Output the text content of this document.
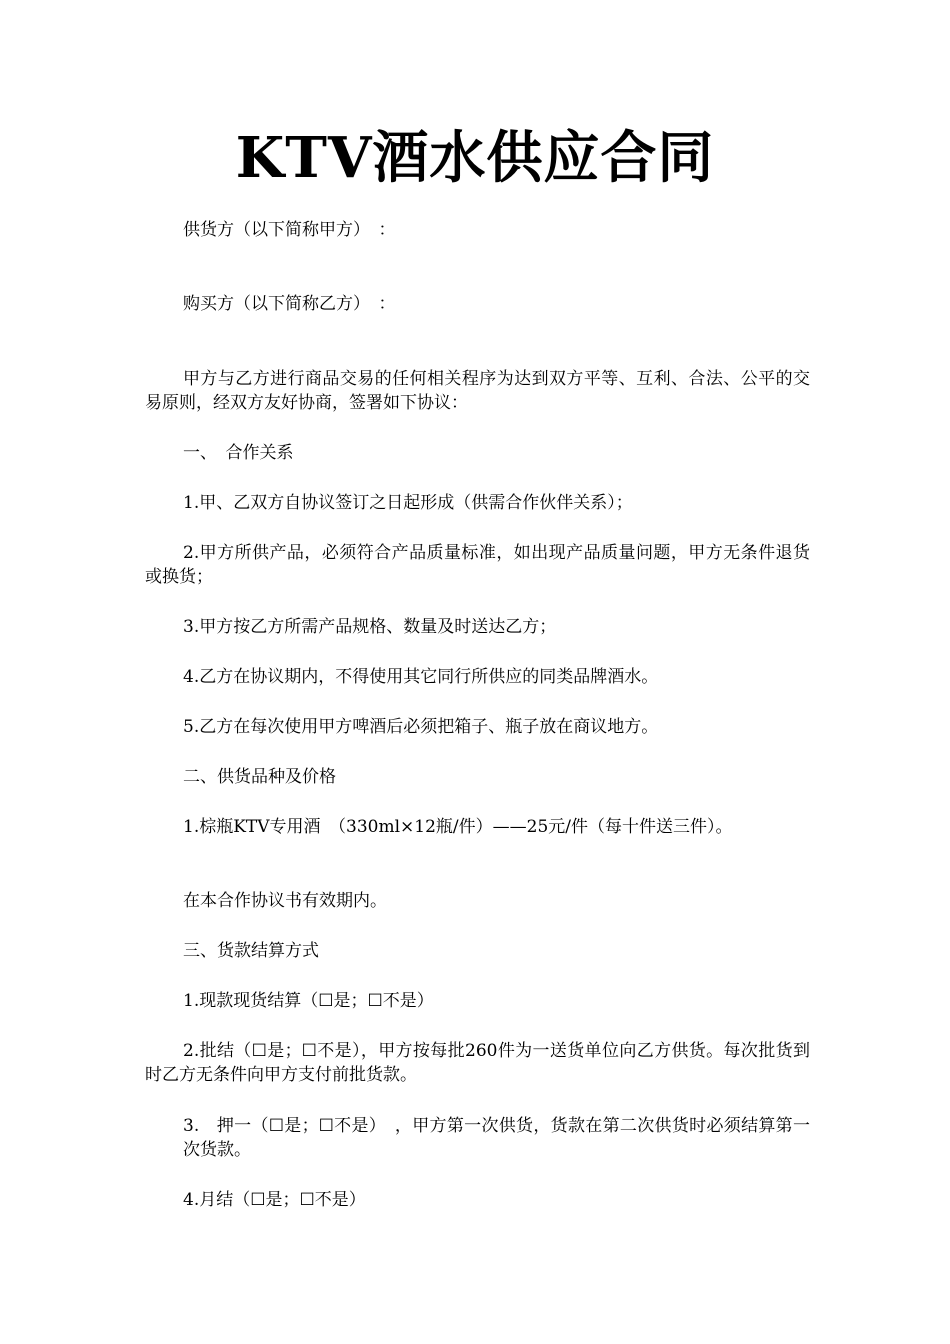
KTV酒水供应合同
供货方（以下简称甲方）　：
购买方（以下简称乙方）　：
甲方与乙方进行商品交易的任何相关程序为达到双方平等、互利、合法、公平的交易原则，经双方友好协商，签署如下协议：
一、　合作关系
1.甲、乙双方自协议签订之日起形成（供需合作伙伴关系）；
2.甲方所供产品，必须符合产品质量标准，如出现产品质量问题，甲方无条件退货或换货；
3.甲方按乙方所需产品规格、数量及时送达乙方；
4.乙方在协议期内，不得使用其它同行所供应的同类品牌酒水。
5.乙方在每次使用甲方啤酒后必须把箱子、瓶子放在商议地方。
二、供货品种及价格
1.棕瓶KTV专用酒　（330ml×12瓶/件）——25元/件（每十件送三件）。
在本合作协议书有效期内。
三、货款结算方式
1.现款现货结算（☐是；☐不是）
2.批结（☐是；☐不是），甲方按每批260件为一送货单位向乙方供货。每次批货到时乙方无条件向甲方支付前批货款。
3.　押一（☐是；☐不是）　，甲方第一次供货，货款在第二次供货时必须结算第一次货款。
4.月结（☐是；☐不是）
